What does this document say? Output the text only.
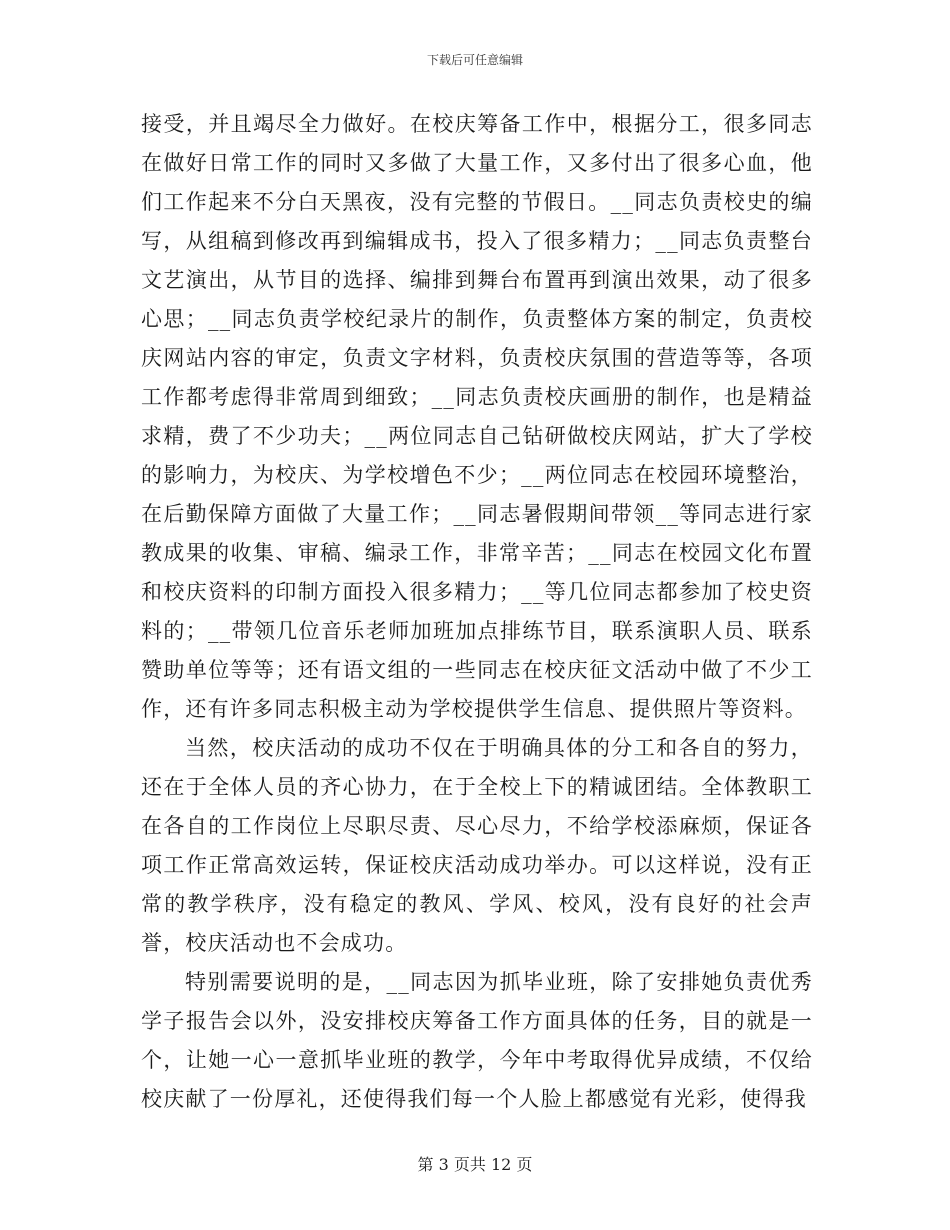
下载后可任意编辑

接受，并且竭尽全力做好。在校庆筹备工作中，根据分工，很多同志在做好日常工作的同时又多做了大量工作，又多付出了很多心血，他们工作起来不分白天黑夜，没有完整的节假日。__同志负责校史的编写，从组稿到修改再到编辑成书，投入了很多精力；__同志负责整台文艺演出，从节目的选择、编排到舞台布置再到演出效果，动了很多心思；__同志负责学校纪录片的制作，负责整体方案的制定，负责校庆网站内容的审定，负责文字材料，负责校庆氛围的营造等等，各项工作都考虑得非常周到细致；__同志负责校庆画册的制作，也是精益求精，费了不少功夫；__两位同志自己钻研做校庆网站，扩大了学校的影响力，为校庆、为学校增色不少；__两位同志在校园环境整治，在后勤保障方面做了大量工作；__同志暑假期间带领__等同志进行家教成果的收集、审稿、编录工作，非常辛苦；__同志在校园文化布置和校庆资料的印制方面投入很多精力；__等几位同志都参加了校史资料的；__带领几位音乐老师加班加点排练节目，联系演职人员、联系赞助单位等等；还有语文组的一些同志在校庆征文活动中做了不少工作，还有许多同志积极主动为学校提供学生信息、提供照片等资料。

当然，校庆活动的成功不仅在于明确具体的分工和各自的努力，还在于全体人员的齐心协力，在于全校上下的精诚团结。全体教职工在各自的工作岗位上尽职尽责、尽心尽力，不给学校添麻烦，保证各项工作正常高效运转，保证校庆活动成功举办。可以这样说，没有正常的教学秩序，没有稳定的教风、学风、校风，没有良好的社会声誉，校庆活动也不会成功。

特别需要说明的是，__同志因为抓毕业班，除了安排她负责优秀学子报告会以外，没安排校庆筹备工作方面具体的任务，目的就是一个，让她一心一意抓毕业班的教学，今年中考取得优异成绩，不仅给校庆献了一份厚礼，还使得我们每一个人脸上都感觉有光彩，使得我

第 3 页共 12 页
